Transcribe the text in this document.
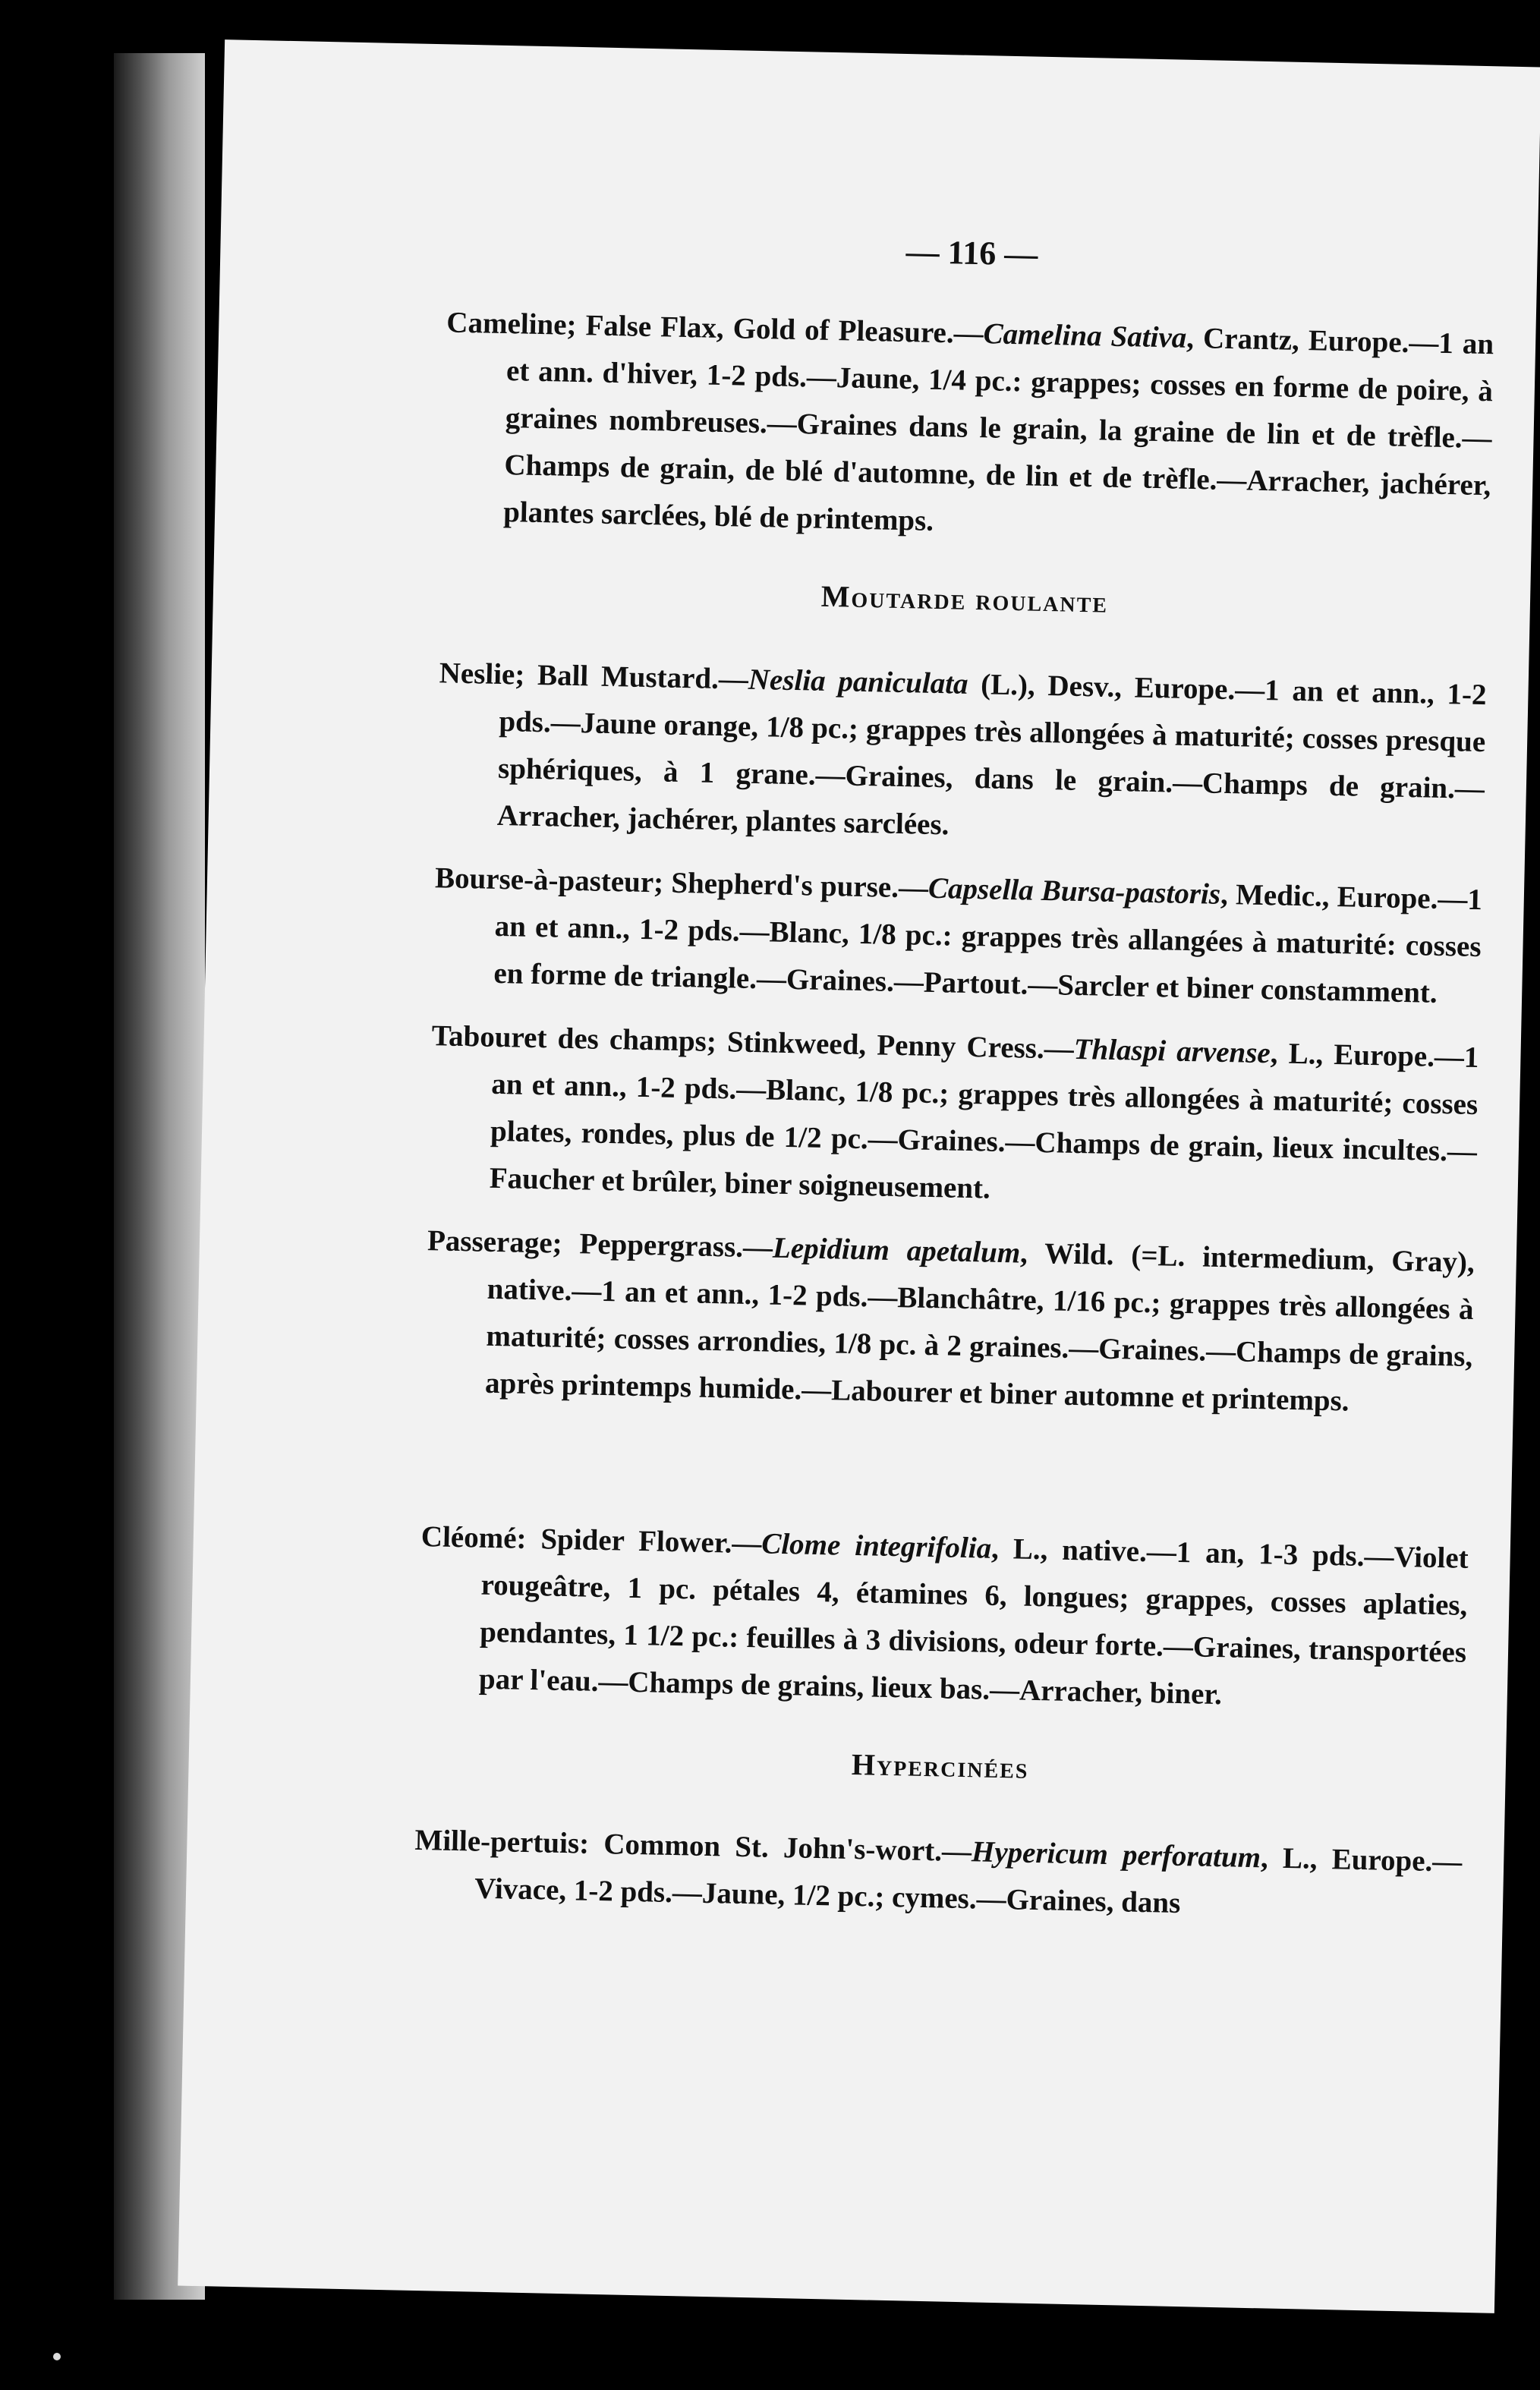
— 116 —

Cameline; False Flax, Gold of Pleasure.—Camelina Sativa, Crantz, Europe.—1 an et ann. d'hiver, 1-2 pds.—Jaune, 1/4 pc.: grappes; cosses en forme de poire, à graines nombreuses.—Graines dans le grain, la graine de lin et de trèfle.—Champs de grain, de blé d'automne, de lin et de trèfle.—Arracher, jachérer, plantes sarclées, blé de printemps.

Moutarde roulante

Neslie; Ball Mustard.—Neslia paniculata (L.), Desv., Europe.—1 an et ann., 1-2 pds.—Jaune orange, 1/8 pc.; grappes très allongées à maturité; cosses presque sphériques, à 1 grane.—Graines, dans le grain.—Champs de grain.—Arracher, jachérer, plantes sarclées.

Bourse-à-pasteur; Shepherd's purse.—Capsella Bursa-pastoris, Medic., Europe.—1 an et ann., 1-2 pds.—Blanc, 1/8 pc.: grappes très allangées à maturité: cosses en forme de triangle.—Graines.—Partout.—Sarcler et biner constamment.

Tabouret des champs; Stinkweed, Penny Cress.—Thlaspi arvense, L., Europe.—1 an et ann., 1-2 pds.—Blanc, 1/8 pc.; grappes très allongées à maturité; cosses plates, rondes, plus de 1/2 pc.—Graines.—Champs de grain, lieux incultes.—Faucher et brûler, biner soigneusement.

Passerage; Peppergrass.—Lepidium apetalum, Wild. (=L. intermedium, Gray), native.—1 an et ann., 1-2 pds.—Blanchâtre, 1/16 pc.; grappes très allongées à maturité; cosses arrondies, 1/8 pc. à 2 graines.—Graines.—Champs de grains, après printemps humide.—Labourer et biner automne et printemps.

Cléomé: Spider Flower.—Clome integrifolia, L., native.—1 an, 1-3 pds.—Violet rougeâtre, 1 pc. pétales 4, étamines 6, longues; grappes, cosses aplaties, pendantes, 1 1/2 pc.: feuilles à 3 divisions, odeur forte.—Graines, transportées par l'eau.—Champs de grains, lieux bas.—Arracher, biner.

Hypercinées

Mille-pertuis: Common St. John's-wort.—Hypericum perforatum, L., Europe.—Vivace, 1-2 pds.—Jaune, 1/2 pc.; cymes.—Graines, dans
